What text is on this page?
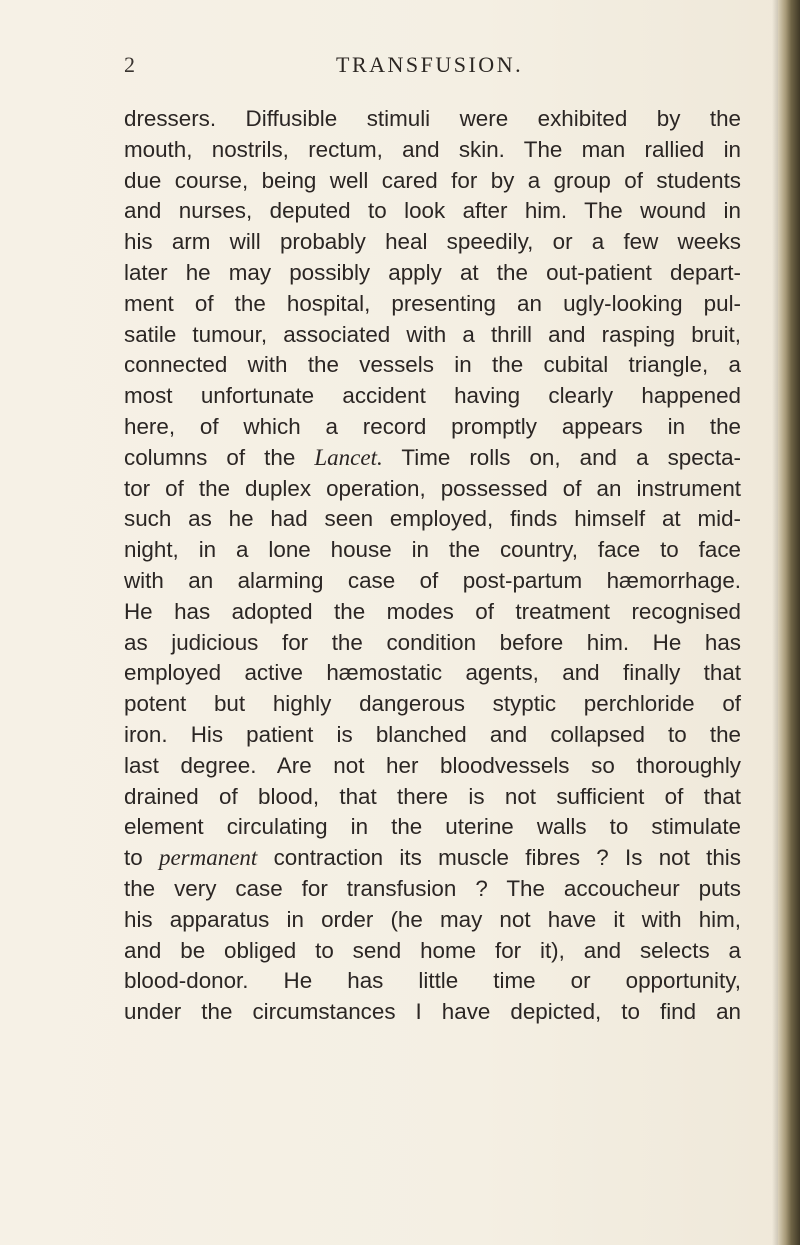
2	TRANSFUSION.
dressers. Diffusible stimuli were exhibited by the
mouth, nostrils, rectum, and skin. The man rallied in
due course, being well cared for by a group of students
and nurses, deputed to look after him. The wound in
his arm will probably heal speedily, or a few weeks
later he may possibly apply at the out-patient depart-
ment of the hospital, presenting an ugly-looking pul-
satile tumour, associated with a thrill and rasping bruit,
connected with the vessels in the cubital triangle, a
most unfortunate accident having clearly happened
here, of which a record promptly appears in the
columns of the Lancet. Time rolls on, and a specta-
tor of the duplex operation, possessed of an instrument
such as he had seen employed, finds himself at mid-
night, in a lone house in the country, face to face
with an alarming case of post-partum hæmorrhage.
He has adopted the modes of treatment recognised
as judicious for the condition before him. He has
employed active hæmostatic agents, and finally that
potent but highly dangerous styptic perchloride of
iron. His patient is blanched and collapsed to the
last degree. Are not her bloodvessels so thoroughly
drained of blood, that there is not sufficient of that
element circulating in the uterine walls to stimulate
to permanent contraction its muscle fibres ? Is not this
the very case for transfusion ? The accoucheur puts
his apparatus in order (he may not have it with him,
and be obliged to send home for it), and selects a
blood-donor. He has little time or opportunity,
under the circumstances I have depicted, to find an
